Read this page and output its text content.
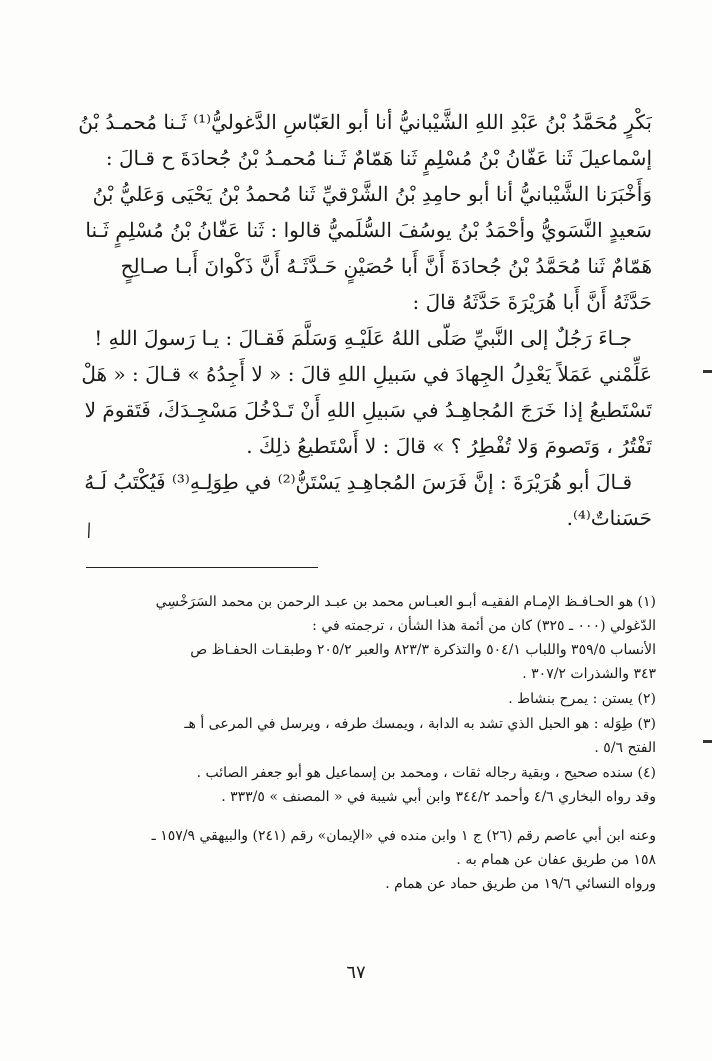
بَكْرٍ مُحَمَّدُ بْنُ عَبْدِ اللهِ الشَّيْبانيُّ أنا أبو العَبّاسِ الدَّغوليُّ⁽¹⁾ ثَـنا مُحمـدُ بْنُ
إسْماعيلَ ثَنا عَفّانُ بْنُ مُسْلِمٍ ثَنا هَمّامٌ ثَـنا مُحمـدُ بْنُ جُحادَةَ ح قـالَ :
وَأَخْبَرَنا الشَّيْبانيُّ أنا أبو حامِدِ بْنُ الشَّرْقيِّ ثَنا مُحمدُ بْنُ يَحْيَى وَعَليُّ بْنُ
سَعيدٍ النَّسَويُّ وأحْمَدُ بْنُ يوسُفَ السُّلَميُّ قالوا : ثَنا عَفّانُ بْنُ مُسْلِمٍ ثَـنا
هَمّامٌ ثَنا مُحَمَّدُ بْنُ جُحادَةَ أَنَّ أَبا حُصَيْنٍ حَـدَّثَـهُ أَنَّ ذَكْوانَ أَبـا صـالِحٍ
حَدَّثَهُ أَنَّ أَبا هُرَيْرَةَ حَدَّثَهُ قالَ :

جـاءَ رَجُلٌ إلى النَّبيِّ صَلّى اللهُ عَلَيْـهِ وَسَلَّمَ فَقـالَ : يـا رَسولَ اللهِ !
عَلِّمْني عَمَلاً يَعْدِلُ الجِهادَ في سَبيلِ اللهِ قالَ : « لا أَجِدُهُ » قـالَ : « هَلْ
تَسْتَطيعُ إذا خَرَجَ المُجاهِـدُ في سَبيلِ اللهِ أَنْ تَـدْخُلَ مَسْجِـدَكَ، فَتَقومَ لا
تَفْتُرُ ، وَتَصومَ وَلا تُفْطِرُ ؟ » قالَ : لا أَسْتَطيعُ ذلِكَ .

قـالَ أبو هُرَيْرَةَ : إنَّ فَرَسَ المُجاهِـدِ يَسْتَنُّ⁽²⁾ في طِوَلِـهِ⁽³⁾ فَيُكْتَبُ لَـهُ
حَسَناتٌ⁽⁴⁾.

/

(١) هو الحـافـظ الإمـام الفقيـه أبـو العبـاس محمد بن عبـد الرحمن بن محمد السَرَخْسِي
الدّغولي (٠٠٠ ـ ٣٢٥) كان من أئمة هذا الشأن ، ترجمته في :
الأنساب ٣٥٩/٥ واللباب ٥٠٤/١ والتذكرة ٨٢٣/٣ والعبر ٢٠٥/٢ وطبقـات الحفـاظ ص
٣٤٣ والشذرات ٣٠٧/٢ .

(٢) يستن : يمرح بنشاط .

(٣) طِوَله : هو الحبل الذي تشد به الدابة ، ويمسك طرفه ، ويرسل في المرعى أ هـ
الفتح ٥/٦ .

(٤) سنده صحيح ، وبقية رجاله ثقات ، ومحمد بن إسماعيل هو أبو جعفر الصائب .
وقد رواه البخاري ٤/٦ وأحمد ٣٤٤/٢ وابن أبي شيبة في « المصنف » ٣٣٣/٥ .

وعنه ابن أبي عاصم رقم (٢٦) ج ١ وابن منده في «الإيمان» رقم (٢٤١) والبيهقي ١٥٧/٩ ـ
١٥٨ من طريق عفان عن همام به .
ورواه النسائي ١٩/٦ من طريق حماد عن همام .

٦٧
